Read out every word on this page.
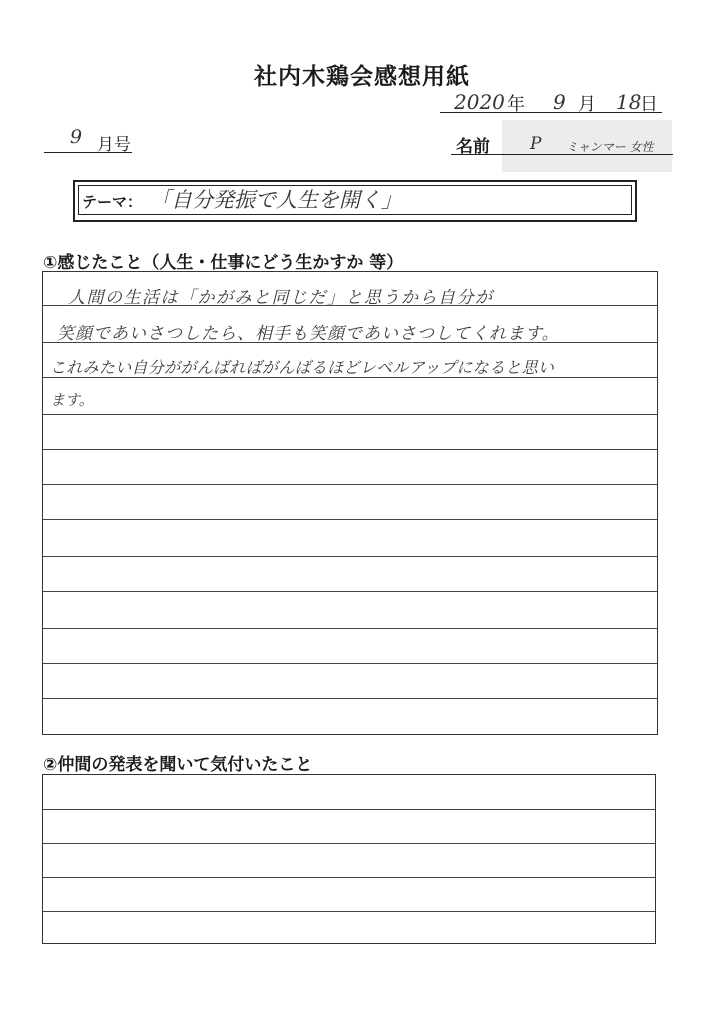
社内木鶏会感想用紙
2020 年 9 月 18
日
9 月号	名前 P ミャンマー 女性
テーマ： 「自分発振で人生を開く」
①感じたこと（人生・仕事にどう生かすか 等）
人間の生活は「かがみと同じだ」と思うから自分が
笑顔であいさつしたら、相手も笑顔であいさつしてくれます。
これみたい自分ががんばればがんばるほどレベルアップになると思い
ます。
②仲間の発表を聞いて気付いたこと
